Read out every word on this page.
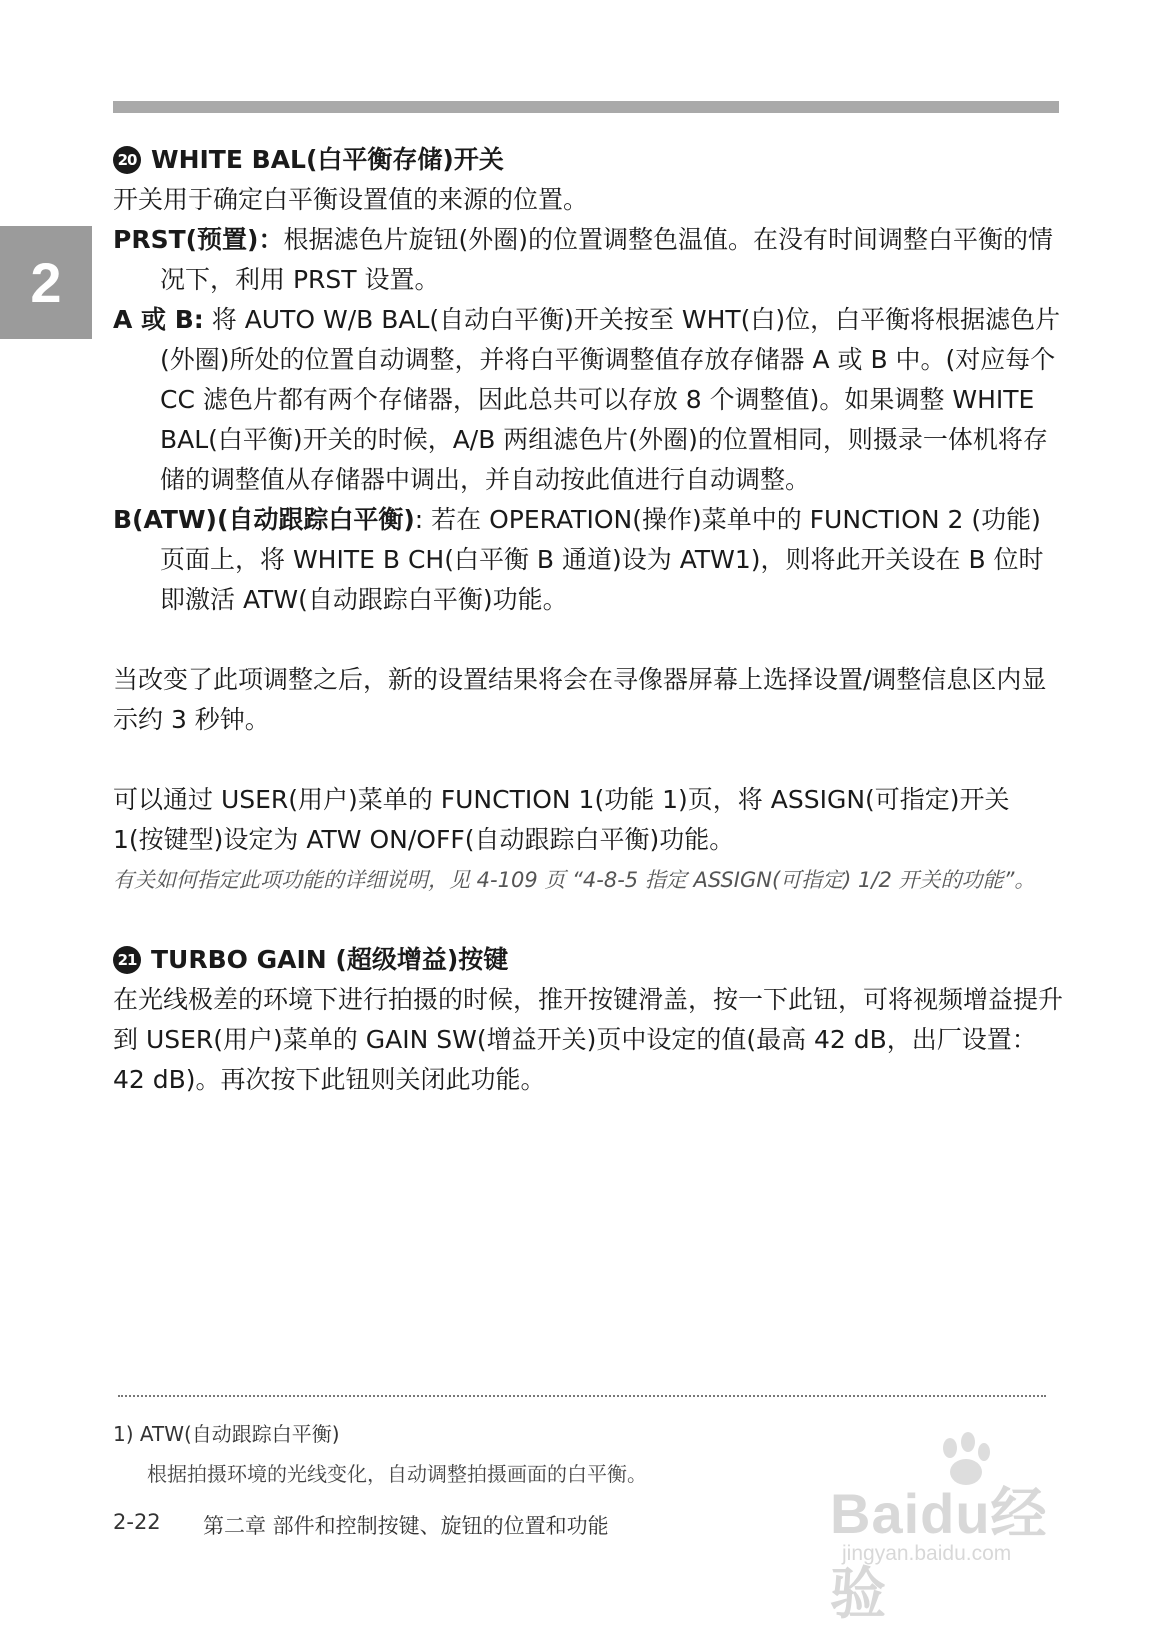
2
20 WHITE BAL(白平衡存储)开关

开关用于确定白平衡设置值的来源的位置。

PRST(预置)：根据滤色片旋钮(外圈)的位置调整色温值。在没有时间调整白平衡的情况下，利用 PRST 设置。

A 或 B: 将 AUTO W/B BAL(自动白平衡)开关按至 WHT(白)位，白平衡将根据滤色片(外圈)所处的位置自动调整，并将白平衡调整值存放存储器 A 或 B 中。(对应每个 CC 滤色片都有两个存储器，因此总共可以存放 8 个调整值)。如果调整 WHITE BAL(白平衡)开关的时候，A/B 两组滤色片(外圈)的位置相同，则摄录一体机将存储的调整值从存储器中调出，并自动按此值进行自动调整。

B(ATW)(自动跟踪白平衡): 若在 OPERATION(操作)菜单中的 FUNCTION 2 (功能)页面上，将 WHITE B CH(白平衡 B 通道)设为 ATW1)，则将此开关设在 B 位时即激活 ATW(自动跟踪白平衡)功能。

当改变了此项调整之后，新的设置结果将会在寻像器屏幕上选择设置/调整信息区内显示约 3 秒钟。

可以通过 USER(用户)菜单的 FUNCTION 1(功能 1)页，将 ASSIGN(可指定)开关 1(按键型)设定为 ATW ON/OFF(自动跟踪白平衡)功能。

有关如何指定此项功能的详细说明，见 4-109 页 “4-8-5 指定 ASSIGN(可指定) 1/2 开关的功能”。

21 TURBO GAIN (超级增益)按键

在光线极差的环境下进行拍摄的时候，推开按键滑盖，按一下此钮，可将视频增益提升到 USER(用户)菜单的 GAIN SW(增益开关)页中设定的值(最高 42 dB，出厂设置：42 dB)。再次按下此钮则关闭此功能。

1) ATW(自动跟踪白平衡)
根据拍摄环境的光线变化，自动调整拍摄画面的白平衡。
2-22	第二章 部件和控制按键、旋钮的位置和功能	Baidu经验
jingyan.baidu.com
